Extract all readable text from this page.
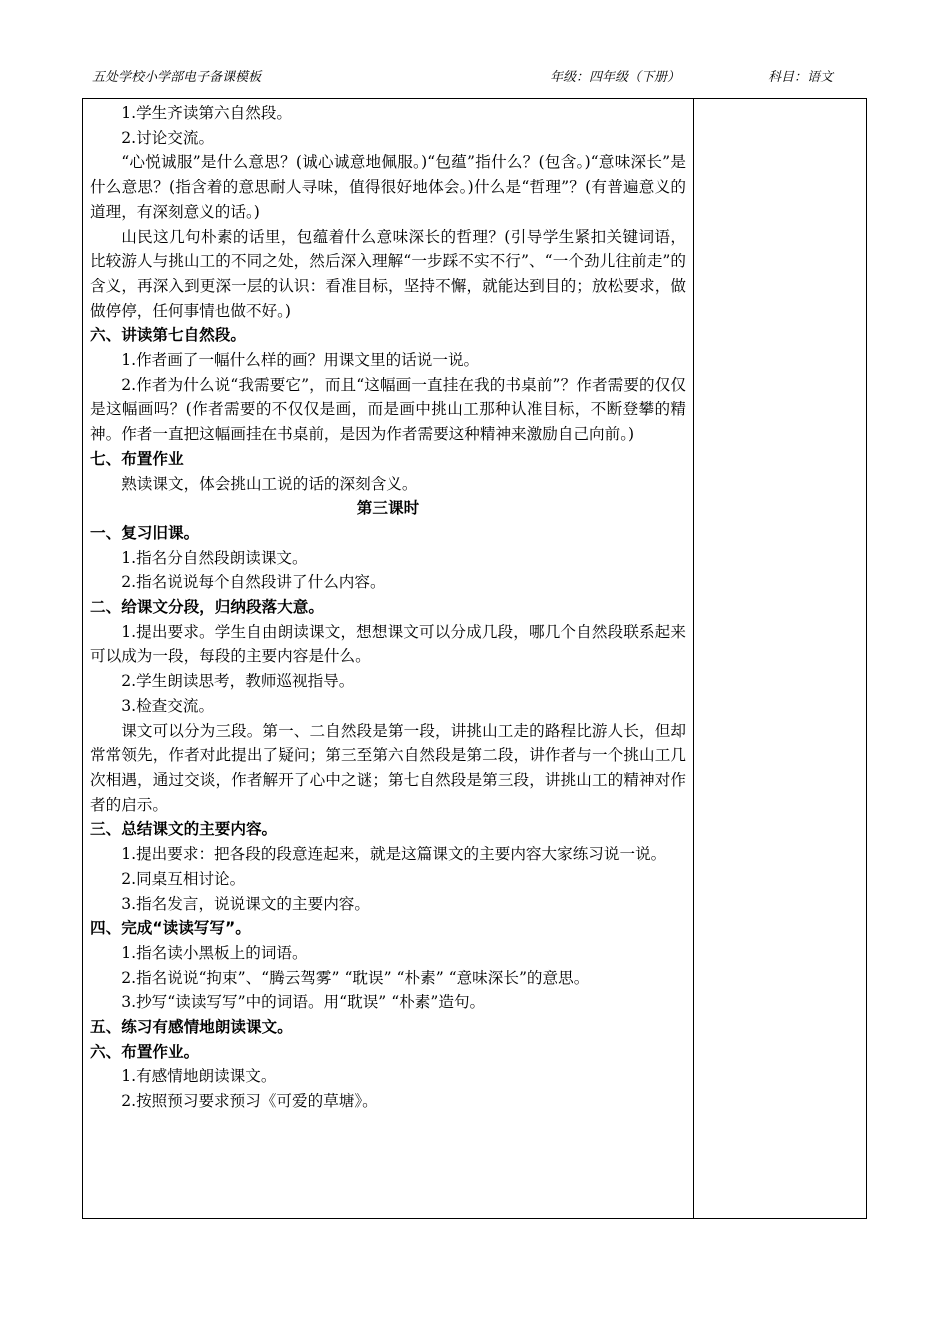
五处学校小学部电子备课模板	年级：四年级（下册）	科目：语文

1.学生齐读第六自然段。

2.讨论交流。

“心悦诚服”是什么意思？(诚心诚意地佩服。)“包蕴”指什么？(包含。)“意味深长”是什么意思？(指含着的意思耐人寻味，值得很好地体会。)什么是“哲理”？(有普遍意义的道理，有深刻意义的话。)

山民这几句朴素的话里，包蕴着什么意味深长的哲理？(引导学生紧扣关键词语，比较游人与挑山工的不同之处，然后深入理解“一步踩不实不行”、“一个劲儿往前走”的含义，再深入到更深一层的认识：看准目标，坚持不懈，就能达到目的；放松要求，做做停停，任何事情也做不好。)

六、讲读第七自然段。

1.作者画了一幅什么样的画？用课文里的话说一说。

2.作者为什么说“我需要它”，而且“这幅画一直挂在我的书桌前”？作者需要的仅仅是这幅画吗？(作者需要的不仅仅是画，而是画中挑山工那种认准目标，不断登攀的精神。作者一直把这幅画挂在书桌前，是因为作者需要这种精神来激励自己向前。)

七、布置作业

熟读课文，体会挑山工说的话的深刻含义。

第三课时

一、复习旧课。

1.指名分自然段朗读课文。

2.指名说说每个自然段讲了什么内容。

二、给课文分段，归纳段落大意。

1.提出要求。学生自由朗读课文，想想课文可以分成几段，哪几个自然段联系起来可以成为一段，每段的主要内容是什么。

2.学生朗读思考，教师巡视指导。

3.检查交流。

课文可以分为三段。第一、二自然段是第一段，讲挑山工走的路程比游人长，但却常常领先，作者对此提出了疑问；第三至第六自然段是第二段，讲作者与一个挑山工几次相遇，通过交谈，作者解开了心中之谜；第七自然段是第三段，讲挑山工的精神对作者的启示。

三、总结课文的主要内容。

1.提出要求：把各段的段意连起来，就是这篇课文的主要内容大家练习说一说。

2.同桌互相讨论。

3.指名发言，说说课文的主要内容。

四、完成“读读写写”。

1.指名读小黑板上的词语。

2.指名说说“拘束”、“腾云驾雾” “耽误” “朴素” “意味深长”的意思。

3.抄写“读读写写”中的词语。用“耽误” “朴素”造句。

五、练习有感情地朗读课文。

六、布置作业。

1.有感情地朗读课文。

2.按照预习要求预习《可爱的草塘》。
